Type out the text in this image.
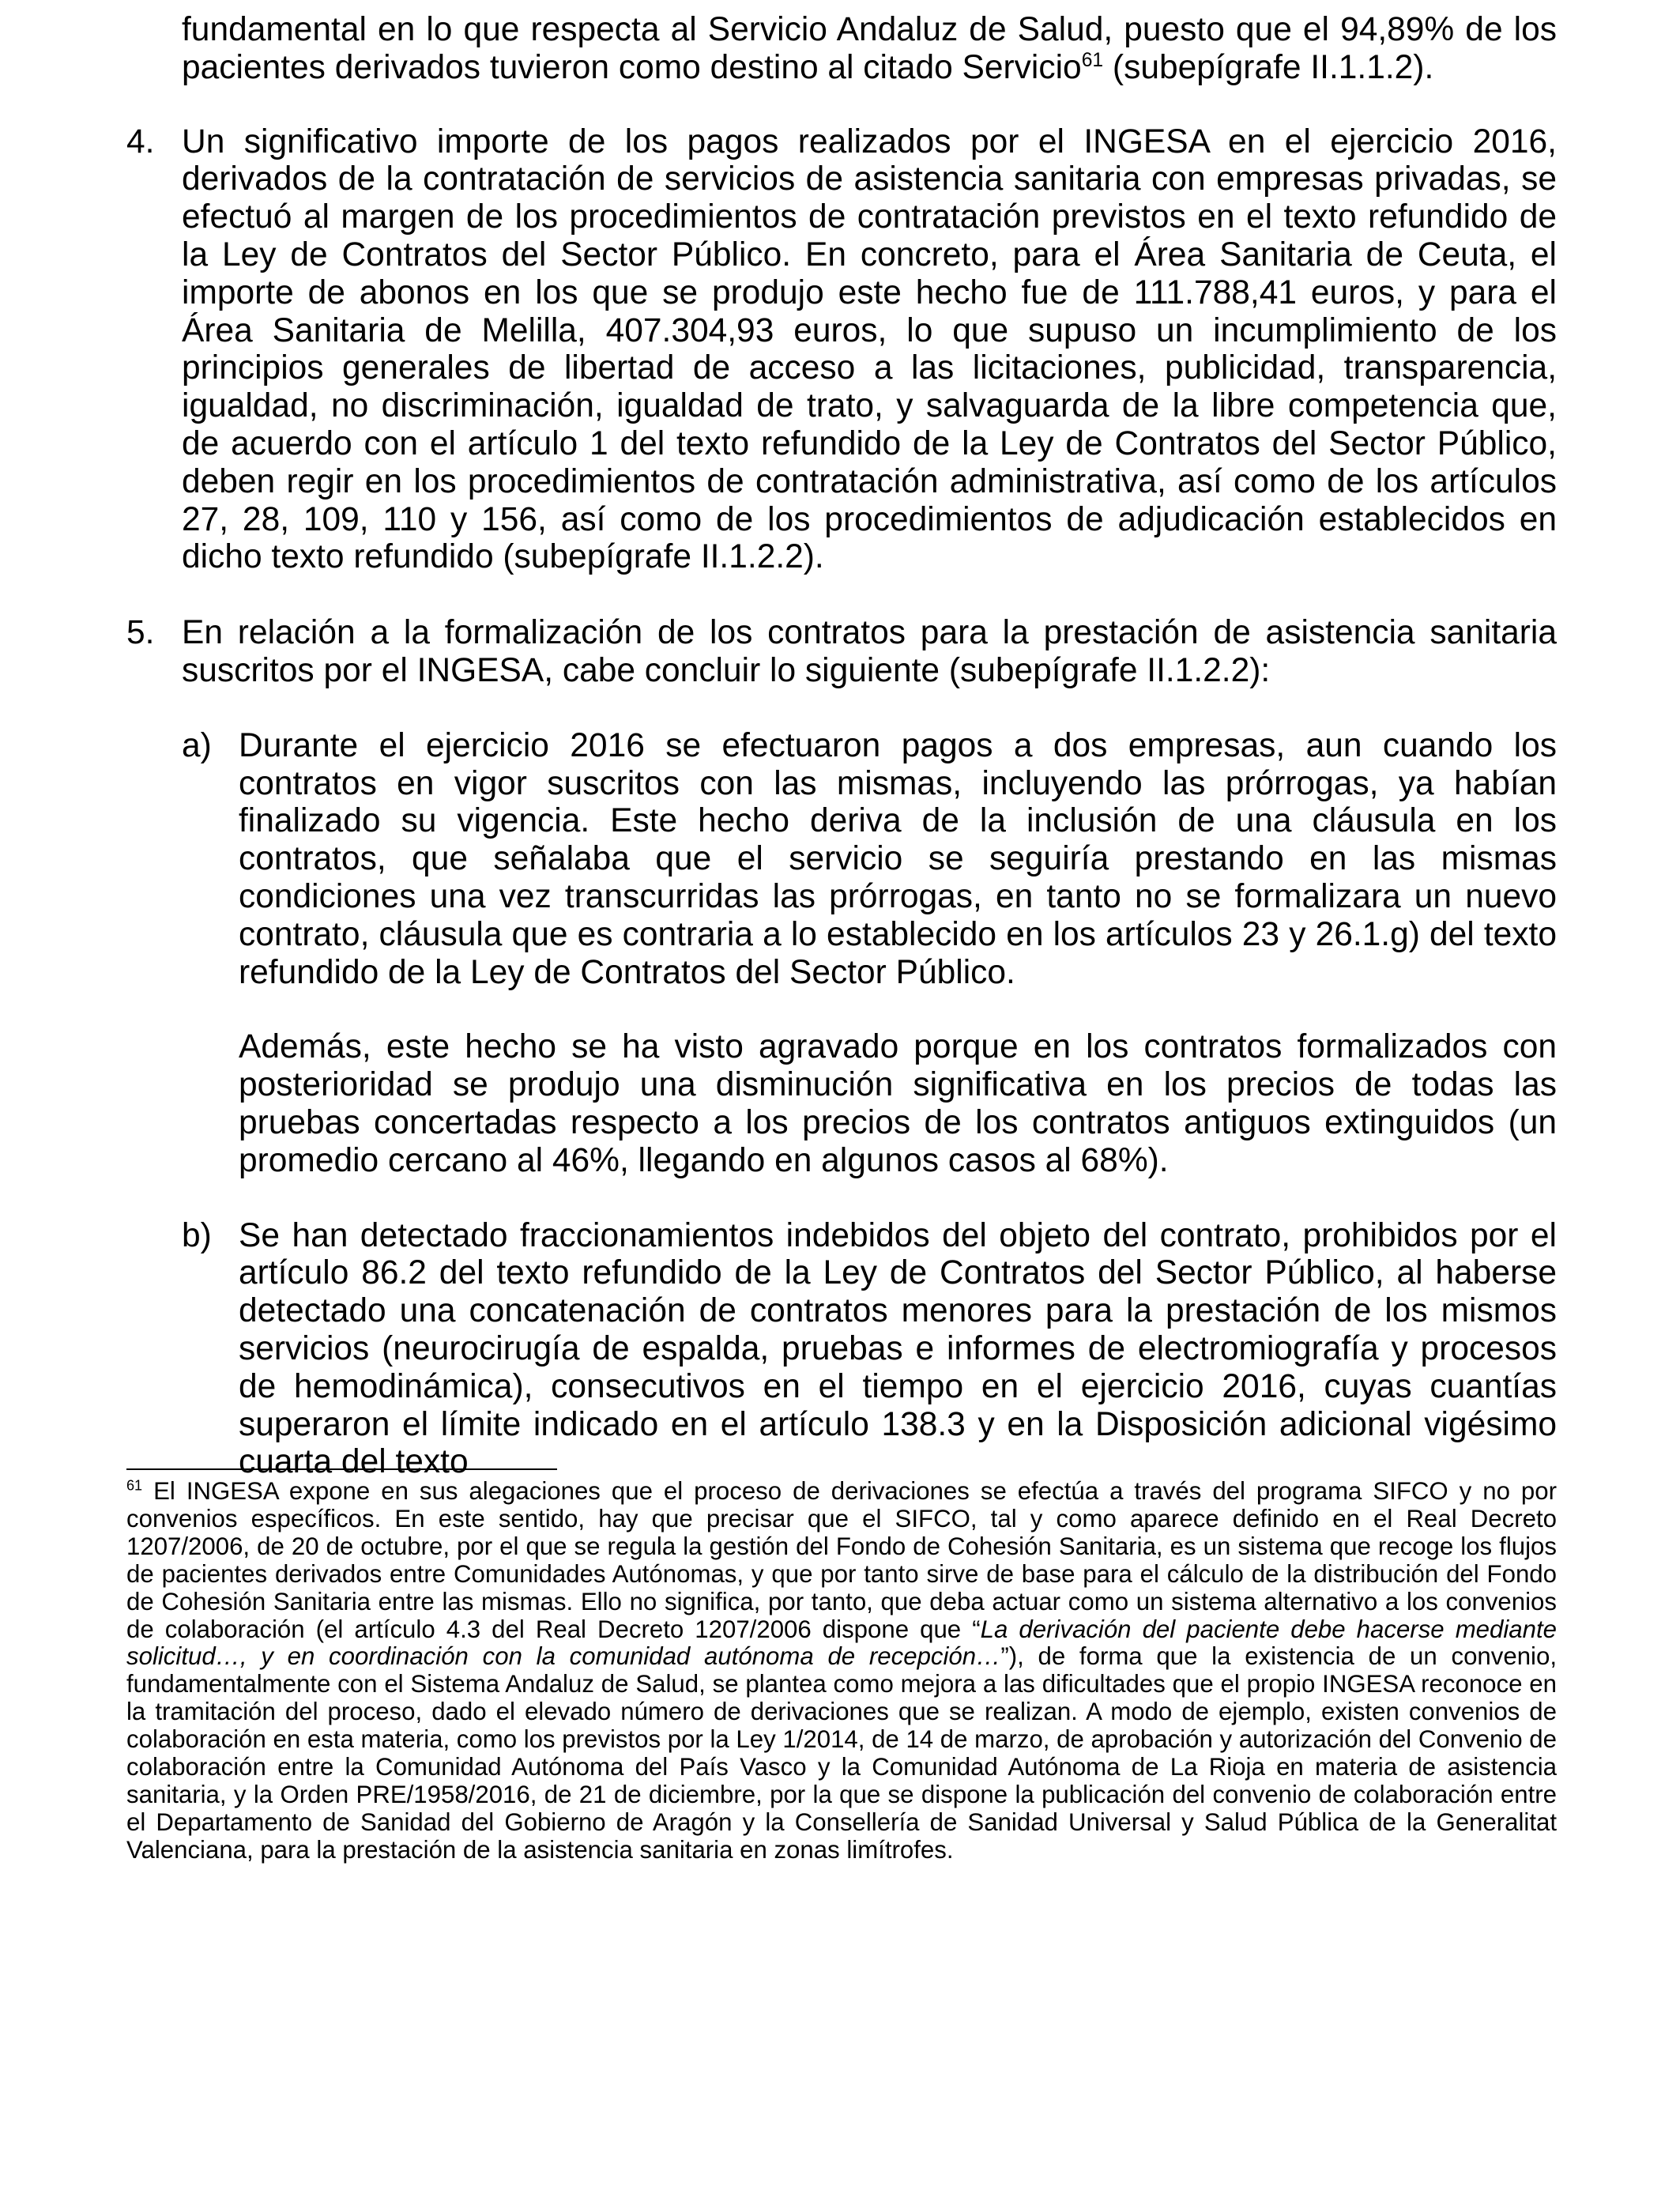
fundamental en lo que respecta al Servicio Andaluz de Salud, puesto que el 94,89% de los pacientes derivados tuvieron como destino al citado Servicio$^{61}$ (subepígrafe II.1.1.2).

4. Un significativo importe de los pagos realizados por el INGESA en el ejercicio 2016, derivados de la contratación de servicios de asistencia sanitaria con empresas privadas, se efectuó al margen de los procedimientos de contratación previstos en el texto refundido de la Ley de Contratos del Sector Público. En concreto, para el Área Sanitaria de Ceuta, el importe de abonos en los que se produjo este hecho fue de 111.788,41 euros, y para el Área Sanitaria de Melilla, 407.304,93 euros, lo que supuso un incumplimiento de los principios generales de libertad de acceso a las licitaciones, publicidad, transparencia, igualdad, no discriminación, igualdad de trato, y salvaguarda de la libre competencia que, de acuerdo con el artículo 1 del texto refundido de la Ley de Contratos del Sector Público, deben regir en los procedimientos de contratación administrativa, así como de los artículos 27, 28, 109, 110 y 156, así como de los procedimientos de adjudicación establecidos en dicho texto refundido (subepígrafe II.1.2.2).

5. En relación a la formalización de los contratos para la prestación de asistencia sanitaria suscritos por el INGESA, cabe concluir lo siguiente (subepígrafe II.1.2.2):

a) Durante el ejercicio 2016 se efectuaron pagos a dos empresas, aun cuando los contratos en vigor suscritos con las mismas, incluyendo las prórrogas, ya habían finalizado su vigencia. Este hecho deriva de la inclusión de una cláusula en los contratos, que señalaba que el servicio se seguiría prestando en las mismas condiciones una vez transcurridas las prórrogas, en tanto no se formalizara un nuevo contrato, cláusula que es contraria a lo establecido en los artículos 23 y 26.1.g) del texto refundido de la Ley de Contratos del Sector Público.

Además, este hecho se ha visto agravado porque en los contratos formalizados con posterioridad se produjo una disminución significativa en los precios de todas las pruebas concertadas respecto a los precios de los contratos antiguos extinguidos (un promedio cercano al 46%, llegando en algunos casos al 68%).

b) Se han detectado fraccionamientos indebidos del objeto del contrato, prohibidos por el artículo 86.2 del texto refundido de la Ley de Contratos del Sector Público, al haberse detectado una concatenación de contratos menores para la prestación de los mismos servicios (neurocirugía de espalda, pruebas e informes de electromiografía y procesos de hemodinámica), consecutivos en el tiempo en el ejercicio 2016, cuyas cuantías superaron el límite indicado en el artículo 138.3 y en la Disposición adicional vigésimo cuarta del texto

$^{61}$ El INGESA expone en sus alegaciones que el proceso de derivaciones se efectúa a través del programa SIFCO y no por convenios específicos. En este sentido, hay que precisar que el SIFCO, tal y como aparece definido en el Real Decreto 1207/2006, de 20 de octubre, por el que se regula la gestión del Fondo de Cohesión Sanitaria, es un sistema que recoge los flujos de pacientes derivados entre Comunidades Autónomas, y que por tanto sirve de base para el cálculo de la distribución del Fondo de Cohesión Sanitaria entre las mismas. Ello no significa, por tanto, que deba actuar como un sistema alternativo a los convenios de colaboración (el artículo 4.3 del Real Decreto 1207/2006 dispone que “La derivación del paciente debe hacerse mediante solicitud…, y en coordinación con la comunidad autónoma de recepción…”), de forma que la existencia de un convenio, fundamentalmente con el Sistema Andaluz de Salud, se plantea como mejora a las dificultades que el propio INGESA reconoce en la tramitación del proceso, dado el elevado número de derivaciones que se realizan. A modo de ejemplo, existen convenios de colaboración en esta materia, como los previstos por la Ley 1/2014, de 14 de marzo, de aprobación y autorización del Convenio de colaboración entre la Comunidad Autónoma del País Vasco y la Comunidad Autónoma de La Rioja en materia de asistencia sanitaria, y la Orden PRE/1958/2016, de 21 de diciembre, por la que se dispone la publicación del convenio de colaboración entre el Departamento de Sanidad del Gobierno de Aragón y la Consellería de Sanidad Universal y Salud Pública de la Generalitat Valenciana, para la prestación de la asistencia sanitaria en zonas limítrofes.
